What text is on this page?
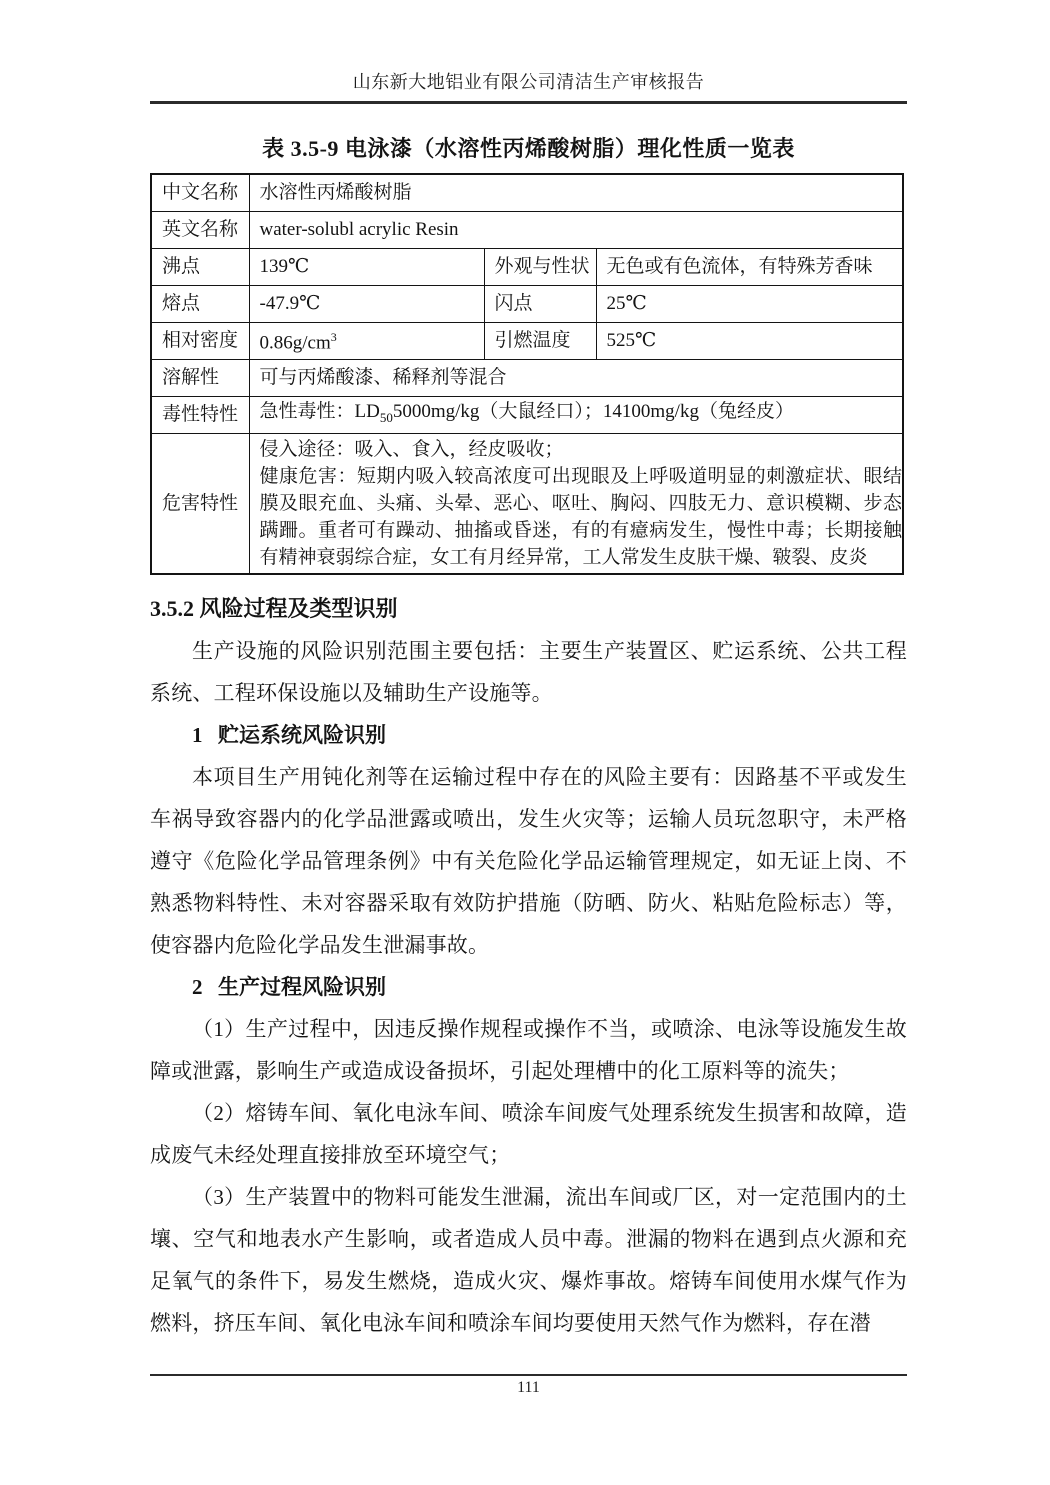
山东新大地铝业有限公司清洁生产审核报告
表 3.5-9 电泳漆（水溶性丙烯酸树脂）理化性质一览表
中文名称	水溶性丙烯酸树脂		
英文名称	water-solubl acrylic Resin		
沸点	139℃	外观与性状	无色或有色流体，有特殊芳香味
熔点	-47.9℃	闪点	25℃
相对密度	$0.86g/cm^3$	引燃温度	525℃
溶解性	可与丙烯酸漆、稀释剂等混合		
毒性特性	急性毒性：$LD_{50}5000mg/kg$（大鼠经口）；14100mg/kg（兔经皮）		
危害特性	侵入途径：吸入、食入，经皮吸收；
健康危害：短期内吸入较高浓度可出现眼及上呼吸道明显的刺激症状、眼结膜及眼充血、头痛、头晕、恶心、呕吐、胸闷、四肢无力、意识模糊、步态蹒跚。重者可有躁动、抽搐或昏迷，有的有癔病发生，慢性中毒；长期接触有精神衰弱综合症，女工有月经异常，工人常发生皮肤干燥、皲裂、皮炎		
3.5.2 风险过程及类型识别

生产设施的风险识别范围主要包括：主要生产装置区、贮运系统、公共工程系统、工程环保设施以及辅助生产设施等。

1 贮运系统风险识别

本项目生产用钝化剂等在运输过程中存在的风险主要有：因路基不平或发生车祸导致容器内的化学品泄露或喷出，发生火灾等；运输人员玩忽职守，未严格遵守《危险化学品管理条例》中有关危险化学品运输管理规定，如无证上岗、不熟悉物料特性、未对容器采取有效防护措施（防晒、防火、粘贴危险标志）等，使容器内危险化学品发生泄漏事故。

2 生产过程风险识别

（1）生产过程中，因违反操作规程或操作不当，或喷涂、电泳等设施发生故障或泄露，影响生产或造成设备损坏，引起处理槽中的化工原料等的流失；

（2）熔铸车间、氧化电泳车间、喷涂车间废气处理系统发生损害和故障，造成废气未经处理直接排放至环境空气；

（3）生产装置中的物料可能发生泄漏，流出车间或厂区，对一定范围内的土壤、空气和地表水产生影响，或者造成人员中毒。泄漏的物料在遇到点火源和充足氧气的条件下，易发生燃烧，造成火灾、爆炸事故。熔铸车间使用水煤气作为燃料，挤压车间、氧化电泳车间和喷涂车间均要使用天然气作为燃料，存在潜

111
